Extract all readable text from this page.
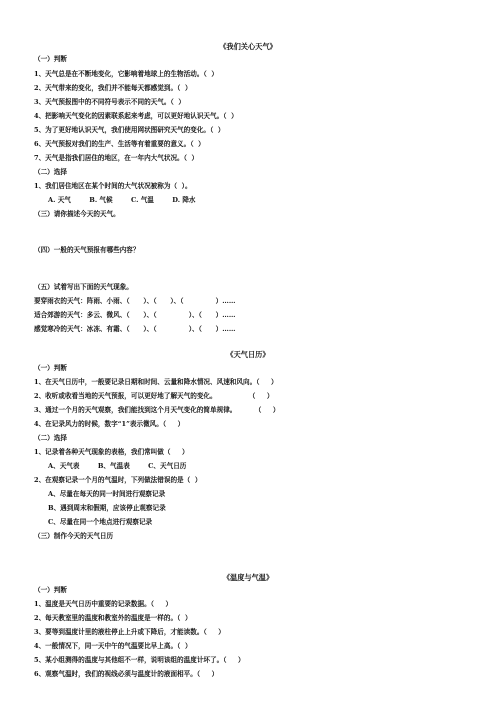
《我们关心天气》
（一）判断
1、天气总是在不断地变化，它影响着地球上的生物活动。（  ）
2、天气带来的变化，我们并不能每天都感觉到。（  ）
3、天气预报图中的不同符号表示不同的天气。（  ）
4、把影响天气变化的因素联系起来考虑，可以更好地认识天气。（  ）
5、为了更好地认识天气，我们使用网状图研究天气的变化。（  ）
6、天气预报对我们的生产、生活等有着重要的意义。（  ）
7、天气是指我们居住的地区，在一年内大气状况。（  ）
（二）选择
1、我们居住地区在某个时间的大气状况被称为（  ）。
A. 天气        B. 气候        C. 气温        D. 降水
（三）请你描述今天的天气。
（四）一般的天气预报有哪些内容？
（五）试着写出下面的天气现象。
要穿雨衣的天气：阵雨、小雨、（      ）、（      ）、（              ）……
适合郊游的天气：多云、微风、（      ）、（              ）、（      ）……
感觉寒冷的天气：冰冻、有霜、（      ）、（              ）、（      ）……
《天气日历》
（一）判断
1、在天气日历中，一般要记录日期和时间、云量和降水情况、风速和风向。（     ）
2、收听或收看当地的天气预报，可以更好地了解天气的变化。              （     ）
3、通过一个月的天气观察，我们能找到这个月天气变化的简单规律。        （     ）
4、在记录风力的时候，数字“1”表示微风。（     ）
（二）选择
1、记录着各种天气现象的表格，我们常叫做（     ）
A、天气表        B、气温表        C、天气日历
2、在观察记录一个月的气温时，下列做法错误的是（  ）
A、尽量在每天的同一时间进行观察记录
B、遇到周末和假期，应该停止观察记录
C、尽量在同一个地点进行观察记录
（三）制作今天的天气日历
《温度与气温》
（一）判断
1、温度是天气日历中重要的记录数据。（     ）
2、每天教室里的温度和教室外的温度是一样的。（  ）
3、要等到温度计里的液柱停止上升或下降后，才能读数。（     ）
4、一般情况下，同一天中午的气温要比早上高。（  ）
5、某小组测得的温度与其他组不一样，说明该组的温度计坏了。（     ）
6、观察气温时，我们的视线必须与温度计的液面相平。（     ）
